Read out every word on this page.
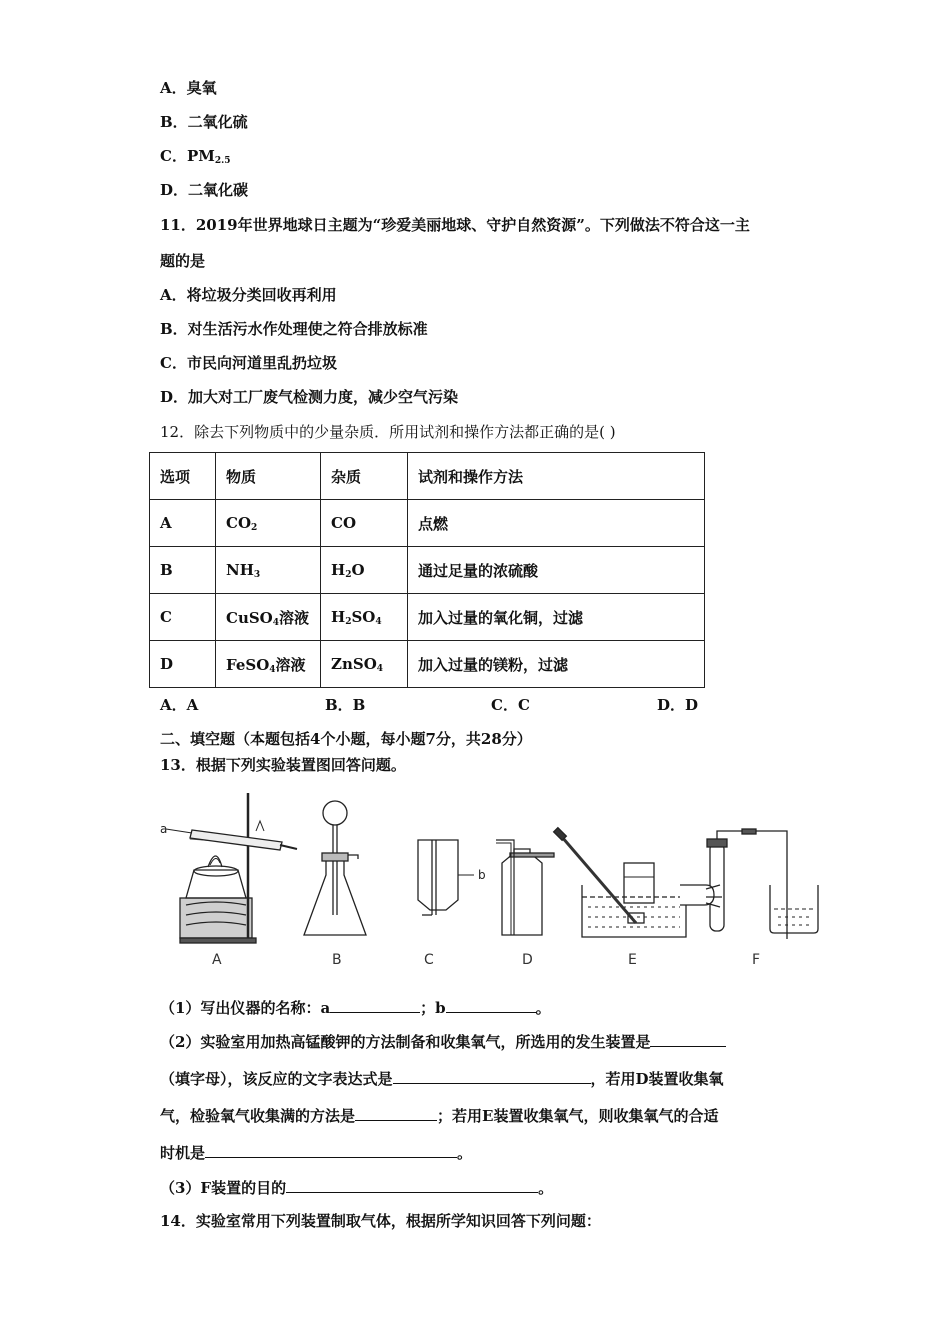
A．臭氧
B．二氧化硫
C．$PM_{2.5}$
D．二氧化碳
11．2019年世界地球日主题为“珍爱美丽地球、守护自然资源”。下列做法不符合这一主
题的是
A．将垃圾分类回收再利用
B．对生活污水作处理使之符合排放标准
C．市民向河道里乱扔垃圾
D．加大对工厂废气检测力度，减少空气污染
12．除去下列物质中的少量杂质．所用试剂和操作方法都正确的是( )
选项	物质	杂质	试剂和操作方法
A	$CO_2$	CO	点燃
B	$NH_3$	$H_2O$	通过足量的浓硫酸
C	CuSO$_4$溶液	$H_2SO_4$	加入过量的氧化铜，过滤
D	FeSO$_4$溶液	ZnSO$_4$	加入过量的镁粉，过滤
A．A	B．B	C．C	D．D
二、填空题（本题包括4个小题，每小题7分，共28分）
13．根据下列实验装置图回答问题。
a
b
A	B	C	D	E	F
（1）写出仪器的名称：a	；b	。
（2）实验室用加热高锰酸钾的方法制备和收集氧气，所选用的发生装置是
（填字母），该反应的文字表达式是	，若用D装置收集氧
气，检验氧气收集满的方法是	；若用E装置收集氧气，则收集氧气的合适
时机是	。
（3）F装置的目的	。
14．实验室常用下列装置制取气体，根据所学知识回答下列问题：
